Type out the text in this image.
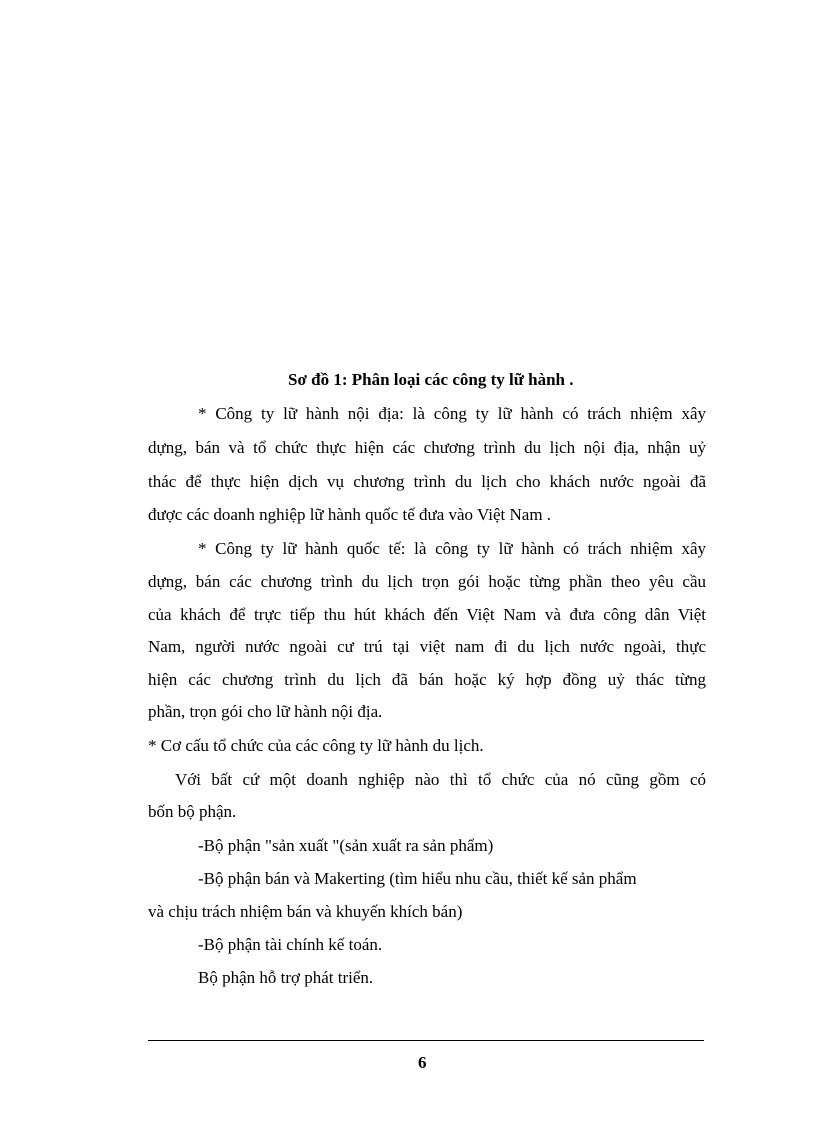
Sơ đồ 1: Phân loại các công ty lữ hành .
* Công ty lữ hành nội địa: là công ty lữ hành có trách nhiệm xây
dựng, bán và tổ chức thực hiện các chương trình du lịch nội địa, nhận uỷ
thác để thực hiện dịch vụ chương trình du lịch cho khách nước ngoài đã
được các doanh nghiệp lữ hành quốc tế đưa vào Việt Nam .
* Công ty lữ hành quốc tế: là công ty lữ hành có trách nhiệm xây
dựng, bán các chương trình du lịch trọn gói hoặc từng phần theo yêu cầu
của khách để trực tiếp thu hút khách đến Việt Nam và đưa công dân Việt
Nam, người nước ngoài cư trú tại việt nam đi du lịch nước ngoài, thực
hiện các chương trình du lịch đã bán hoặc ký hợp đồng uỷ thác từng
phần, trọn gói cho lữ hành nội địa.
* Cơ cấu tổ chức của các công ty lữ hành du lịch.
Với bất cứ một doanh nghiệp nào thì tổ chức của nó cũng gồm có
bốn bộ phận.
-Bộ phận "sản xuất "(sản xuất ra sản phẩm)
-Bộ phận bán và Makerting (tìm hiểu nhu cầu, thiết kế sản phẩm
và chịu trách nhiệm bán và khuyến khích bán)
-Bộ phận tài chính kế toán.
Bộ phận hỗ trợ phát triển.
6
